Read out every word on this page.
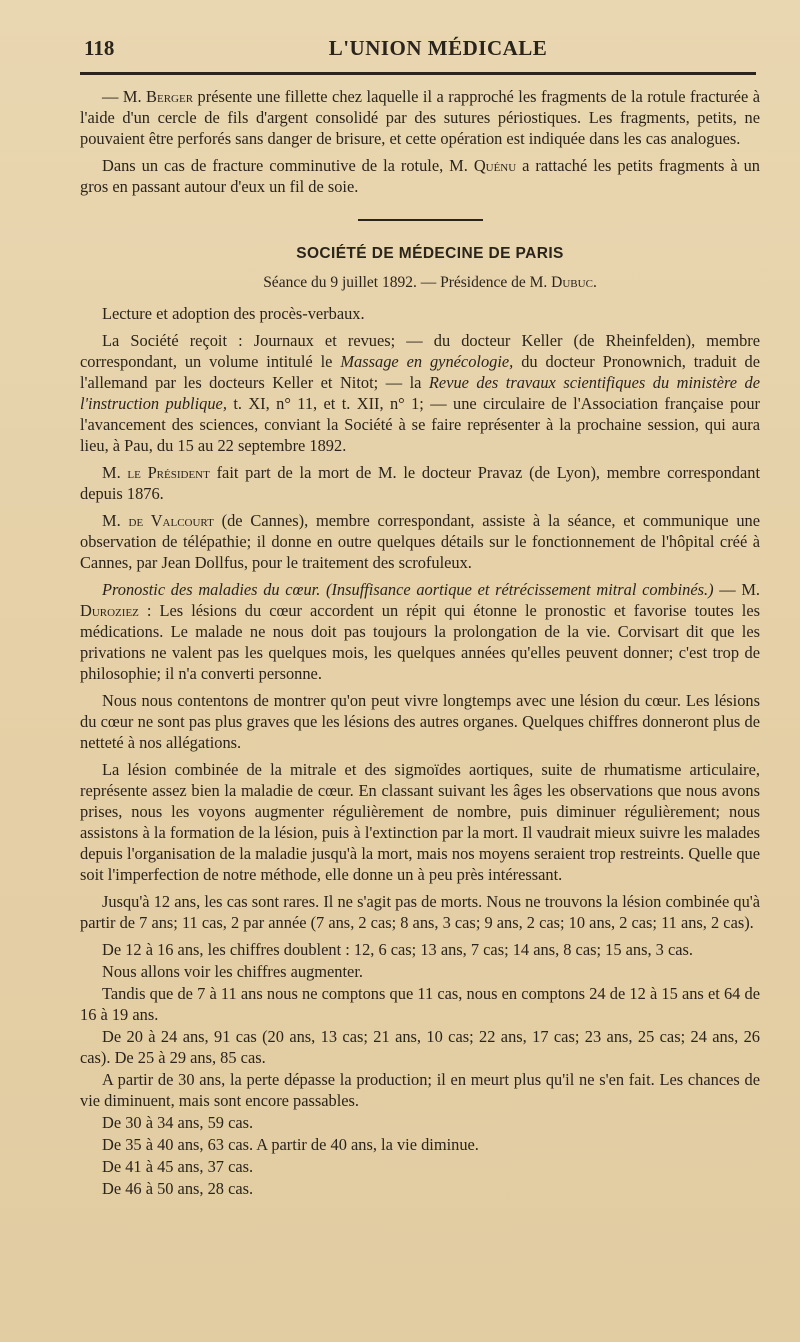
118	L'UNION MÉDICALE

— M. Berger présente une fillette chez laquelle il a rapproché les fragments de la rotule fracturée à l'aide d'un cercle de fils d'argent consolidé par des sutures périostiques. Les fragments, petits, ne pouvaient être perforés sans danger de brisure, et cette opération est indiquée dans les cas analogues.

Dans un cas de fracture comminutive de la rotule, M. Quénu a rattaché les petits fragments à un gros en passant autour d'eux un fil de soie.

SOCIÉTÉ DE MÉDECINE DE PARIS
Séance du 9 juillet 1892. — Présidence de M. Dubuc.

Lecture et adoption des procès-verbaux.

La Société reçoit : Journaux et revues; — du docteur Keller (de Rheinfelden), membre correspondant, un volume intitulé le Massage en gynécologie, du docteur Pronownich, traduit de l'allemand par les docteurs Keller et Nitot; — la Revue des travaux scientifiques du ministère de l'instruction publique, t. XI, n° 11, et t. XII, n° 1; — une circulaire de l'Association française pour l'avancement des sciences, conviant la Société à se faire représenter à la prochaine session, qui aura lieu, à Pau, du 15 au 22 septembre 1892.

M. le Président fait part de la mort de M. le docteur Pravaz (de Lyon), membre correspondant depuis 1876.

M. de Valcourt (de Cannes), membre correspondant, assiste à la séance, et communique une observation de télépathie; il donne en outre quelques détails sur le fonctionnement de l'hôpital créé à Cannes, par Jean Dollfus, pour le traitement des scrofuleux.

Pronostic des maladies du cœur. (Insuffisance aortique et rétrécissement mitral combinés.) — M. Duroziez : Les lésions du cœur accordent un répit qui étonne le pronostic et favorise toutes les médications. Le malade ne nous doit pas toujours la prolongation de la vie. Corvisart dit que les privations ne valent pas les quelques mois, les quelques années qu'elles peuvent donner; c'est trop de philosophie; il n'a converti personne.

Nous nous contentons de montrer qu'on peut vivre longtemps avec une lésion du cœur. Les lésions du cœur ne sont pas plus graves que les lésions des autres organes. Quelques chiffres donneront plus de netteté à nos allégations.

La lésion combinée de la mitrale et des sigmoïdes aortiques, suite de rhumatisme articulaire, représente assez bien la maladie de cœur. En classant suivant les âges les observations que nous avons prises, nous les voyons augmenter régulièrement de nombre, puis diminuer régulièrement; nous assistons à la formation de la lésion, puis à l'extinction par la mort. Il vaudrait mieux suivre les malades depuis l'organisation de la maladie jusqu'à la mort, mais nos moyens seraient trop restreints. Quelle que soit l'imperfection de notre méthode, elle donne un à peu près intéressant.

Jusqu'à 12 ans, les cas sont rares. Il ne s'agit pas de morts. Nous ne trouvons la lésion combinée qu'à partir de 7 ans; 11 cas, 2 par année (7 ans, 2 cas; 8 ans, 3 cas; 9 ans, 2 cas; 10 ans, 2 cas; 11 ans, 2 cas).

De 12 à 16 ans, les chiffres doublent : 12, 6 cas; 13 ans, 7 cas; 14 ans, 8 cas; 15 ans, 3 cas.

Nous allons voir les chiffres augmenter.

Tandis que de 7 à 11 ans nous ne comptons que 11 cas, nous en comptons 24 de 12 à 15 ans et 64 de 16 à 19 ans.

De 20 à 24 ans, 91 cas (20 ans, 13 cas; 21 ans, 10 cas; 22 ans, 17 cas; 23 ans, 25 cas; 24 ans, 26 cas). De 25 à 29 ans, 85 cas.

A partir de 30 ans, la perte dépasse la production; il en meurt plus qu'il ne s'en fait. Les chances de vie diminuent, mais sont encore passables.

De 30 à 34 ans, 59 cas.

De 35 à 40 ans, 63 cas. A partir de 40 ans, la vie diminue.

De 41 à 45 ans, 37 cas.

De 46 à 50 ans, 28 cas.
